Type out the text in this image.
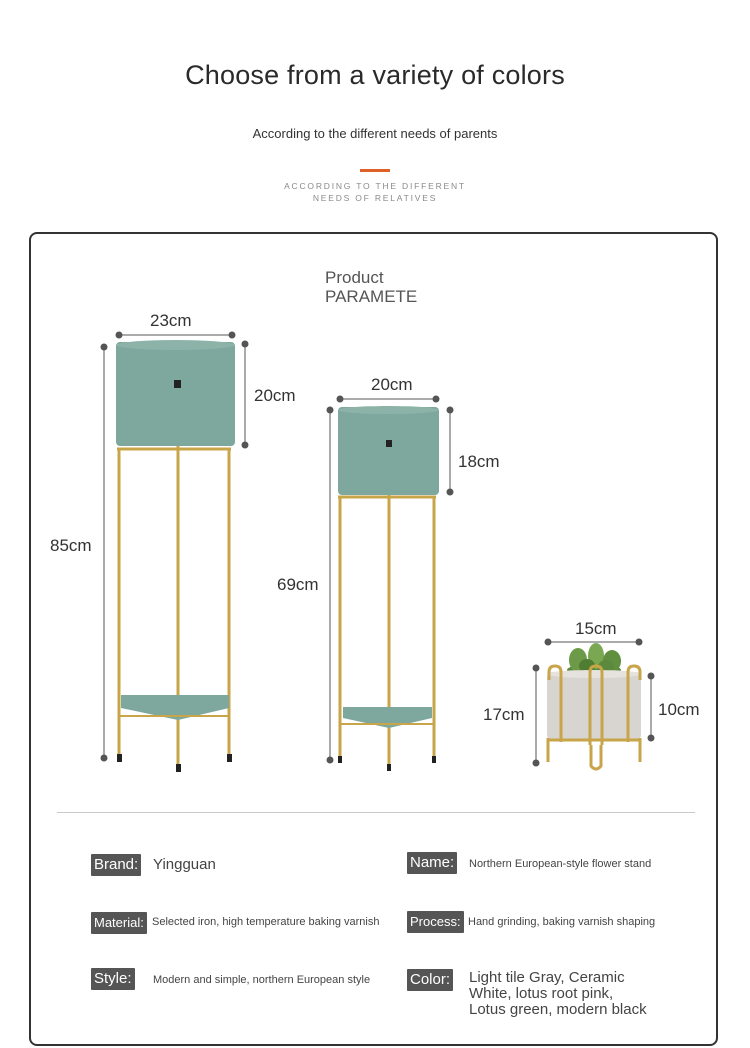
Choose from a variety of colors
According to the different needs of parents
ACCORDING TO THE DIFFERENT
NEEDS OF RELATIVES
Product
PARAMETE
23cm
20cm
85cm
20cm
18cm
69cm
15cm
17cm	10cm
Brand: Yingguan	Name: Northern European-style flower stand
Material: Selected iron, high temperature baking varnish Process: Hand grinding, baking varnish shaping
Style: Modern and simple, northern European style	Color: Light tile Gray, Ceramic
White, lotus root pink,
Lotus green, modern black
